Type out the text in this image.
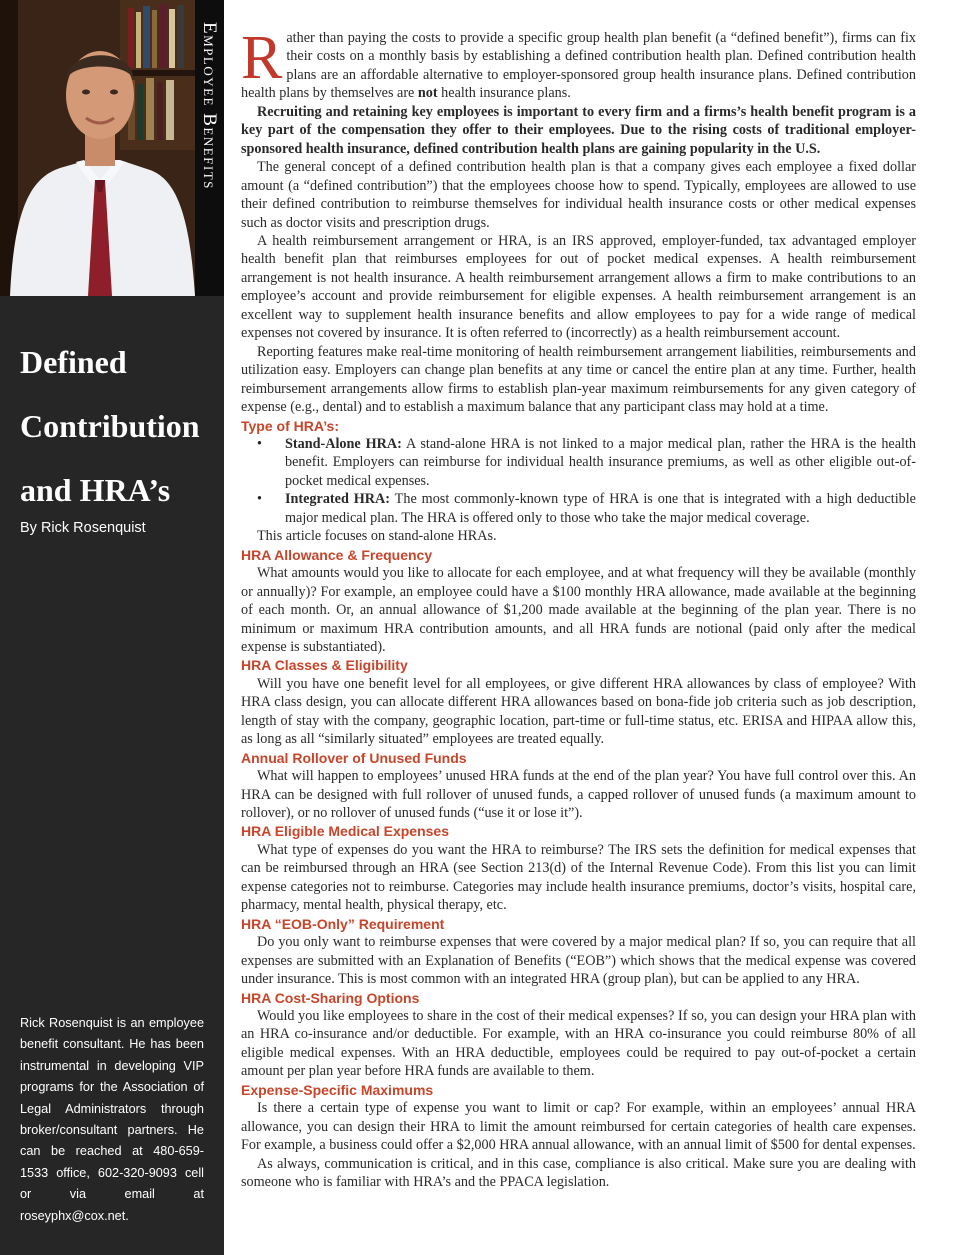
Employee Benefits
Defined
Contribution
and HRA’s
By Rick Rosenquist
Rick Rosenquist is an employee benefit consultant. He has been instrumental in developing VIP programs for the Association of Legal Administrators through broker/consultant partners. He can be reached at 480-659-1533 office, 602-320-9093 cell or via email at roseyphx@cox.net.

Rather than paying the costs to provide a specific group health plan benefit (a “defined benefit”), firms can fix their costs on a monthly basis by establishing a defined contribution health plan. Defined contribution health plans are an affordable alternative to employer-sponsored group health insurance plans. Defined contribution health plans by themselves are not health insurance plans.

Recruiting and retaining key employees is important to every firm and a firms’s health benefit program is a key part of the compensation they offer to their employees. Due to the rising costs of traditional employer-sponsored health insurance, defined contribution health plans are gaining popularity in the U.S.

The general concept of a defined contribution health plan is that a company gives each employee a fixed dollar amount (a “defined contribution”) that the employees choose how to spend. Typically, employees are allowed to use their defined contribution to reimburse themselves for individual health insurance costs or other medical expenses such as doctor visits and prescription drugs.

A health reimbursement arrangement or HRA, is an IRS approved, employer-funded, tax advantaged employer health benefit plan that reimburses employees for out of pocket medical expenses. A health reimbursement arrangement is not health insurance. A health reimbursement arrangement allows a firm to make contributions to an employee’s account and provide reimbursement for eligible expenses. A health reimbursement arrangement is an excellent way to supplement health insurance benefits and allow employees to pay for a wide range of medical expenses not covered by insurance. It is often referred to (incorrectly) as a health reimbursement account.

Reporting features make real-time monitoring of health reimbursement arrangement liabilities, reimbursements and utilization easy. Employers can change plan benefits at any time or cancel the entire plan at any time. Further, health reimbursement arrangements allow firms to establish plan-year maximum reimbursements for any given category of expense (e.g., dental) and to establish a maximum balance that any participant class may hold at a time.

Type of HRA’s:
• Stand-Alone HRA: A stand-alone HRA is not linked to a major medical plan, rather the HRA is the health benefit. Employers can reimburse for individual health insurance premiums, as well as other eligible out-of-pocket medical expenses.
• Integrated HRA: The most commonly-known type of HRA is one that is integrated with a high deductible major medical plan. The HRA is offered only to those who take the major medical coverage.

This article focuses on stand-alone HRAs.

HRA Allowance & Frequency

What amounts would you like to allocate for each employee, and at what frequency will they be available (monthly or annually)? For example, an employee could have a $100 monthly HRA allowance, made available at the beginning of each month. Or, an annual allowance of $1,200 made available at the beginning of the plan year. There is no minimum or maximum HRA contribution amounts, and all HRA funds are notional (paid only after the medical expense is substantiated).

HRA Classes & Eligibility

Will you have one benefit level for all employees, or give different HRA allowances by class of employee? With HRA class design, you can allocate different HRA allowances based on bona-fide job criteria such as job description, length of stay with the company, geographic location, part-time or full-time status, etc. ERISA and HIPAA allow this, as long as all “similarly situated” employees are treated equally.

Annual Rollover of Unused Funds

What will happen to employees’ unused HRA funds at the end of the plan year? You have full control over this. An HRA can be designed with full rollover of unused funds, a capped rollover of unused funds (a maximum amount to rollover), or no rollover of unused funds (“use it or lose it”).

HRA Eligible Medical Expenses

What type of expenses do you want the HRA to reimburse? The IRS sets the definition for medical expenses that can be reimbursed through an HRA (see Section 213(d) of the Internal Revenue Code). From this list you can limit expense categories not to reimburse. Categories may include health insurance premiums, doctor’s visits, hospital care, pharmacy, mental health, physical therapy, etc.

HRA “EOB-Only” Requirement

Do you only want to reimburse expenses that were covered by a major medical plan? If so, you can require that all expenses are submitted with an Explanation of Benefits (“EOB”) which shows that the medical expense was covered under insurance. This is most common with an integrated HRA (group plan), but can be applied to any HRA.

HRA Cost-Sharing Options

Would you like employees to share in the cost of their medical expenses? If so, you can design your HRA plan with an HRA co-insurance and/or deductible. For example, with an HRA co-insurance you could reimburse 80% of all eligible medical expenses. With an HRA deductible, employees could be required to pay out-of-pocket a certain amount per plan year before HRA funds are available to them.

Expense-Specific Maximums

Is there a certain type of expense you want to limit or cap? For example, within an employees’ annual HRA allowance, you can design their HRA to limit the amount reimbursed for certain categories of health care expenses. For example, a business could offer a $2,000 HRA annual allowance, with an annual limit of $500 for dental expenses.

As always, communication is critical, and in this case, compliance is also critical. Make sure you are dealing with someone who is familiar with HRA’s and the PPACA legislation.
